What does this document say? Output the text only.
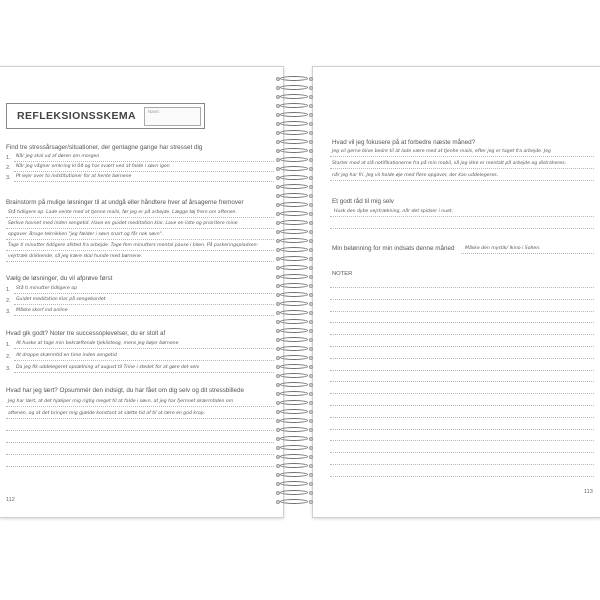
REFLEKSIONSSKEMA	Navn:
Find tre stressårsager/situationer, der gentagne gange har stresset dig
1. Når jeg skal ud af døren om morgen
2. Når jeg vågner omkring kl 04 og har svært ved at falde i søvn igen
3. Pt lejer over to indstitutioner for at hente børnene
Brainstorm på mulige løsninger til at undgå eller håndtere hver af årsagerne fremover
Stå tidligere op. Lade vente med at tjenne mails, før jeg er på arbejde. Lægge tøj frem om aftenen.
Sørlive hovnet med inden sengetid. Have en guidet meditation klar. Lave en liste og prioritere mine
opgaver. Bruge teknikken "jeg fælder i søvn snart og får nok søvn".
Tage ti minutter tidligere afsted fra arbejde. Tage fem minutters mental pause i bilen. På parkeringspladsen:
vejrtræk drikkende, så jeg kære skal hunde med børnene.
Vælg de løsninger, du vil afprøve først
1. Stå ti minutter tidligere op
2. Guidet meditation klar på sengebordet
3. Måske skorf ind online
Hvad gik godt? Noter tre successoplevelser, du er stolt af
1. At huske at tage min bekræftende tjeklisteog, mens jeg bøjer børnene
2. At droppe skærmtid en time inden sengetid
3. Da jeg fik uddelegeret opsætning af august til Trine i stedet for at gøre det selv
Hvad har jeg lært? Opsummér den indsigt, du har fået om dig selv og dit stressbillede
Jeg har lært, at det hjælper mig rigtig meget til at falde i søvn, at jeg har fjernnet skærmtiden om
aftenen, og at det bringer mig gjælde konstant at sætte tid af til at lære en god krop.
112
Hvad vil jeg fokusere på at forbedre næste måned?
Jeg vil gerne blive bedre til at lade være med at tjenhe mails, efter jeg er taget fra arbejde. Jeg
Starter med at slå notifikationerne fra på min mobil, så jeg ikke er mentalt på arbejde og distraheres,
når jeg har fri. Jeg vil holde øje med flere opgaver, der kan uddelegeres.
Et godt råd til mig selv
Husk den dybe vejrtrækning, når det spidser i nuet.
Min belønning for min indsats denne måned Måske den mystik/ Ikino i Sohen.
NOTER
113
